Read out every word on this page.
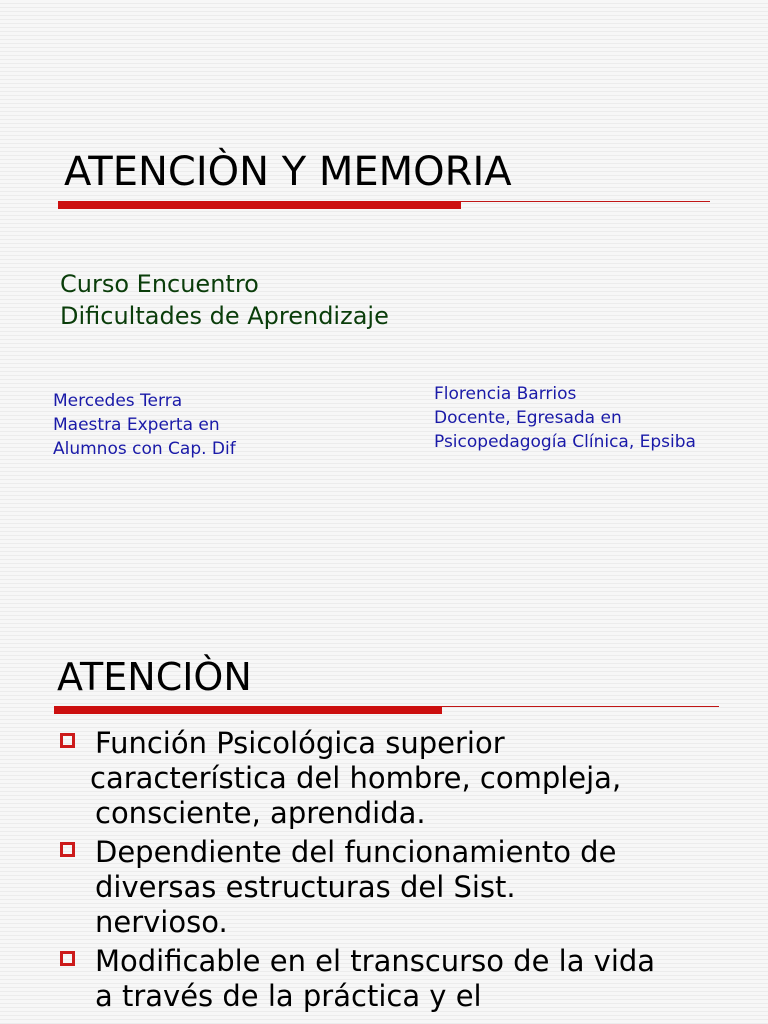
ATENCIÒN Y MEMORIA
Curso Encuentro
Dificultades de Aprendizaje
Mercedes Terra
Maestra Experta en
Alumnos con Cap. Dif
Florencia Barrios
Docente, Egresada en
Psicopedagogía Clínica, Epsiba
ATENCIÒN
Función Psicológica superior
característica del hombre, compleja,
consciente, aprendida.
Dependiente del funcionamiento de
diversas estructuras del Sist.
nervioso.
Modificable en el transcurso de la vida
a través de la práctica y el
